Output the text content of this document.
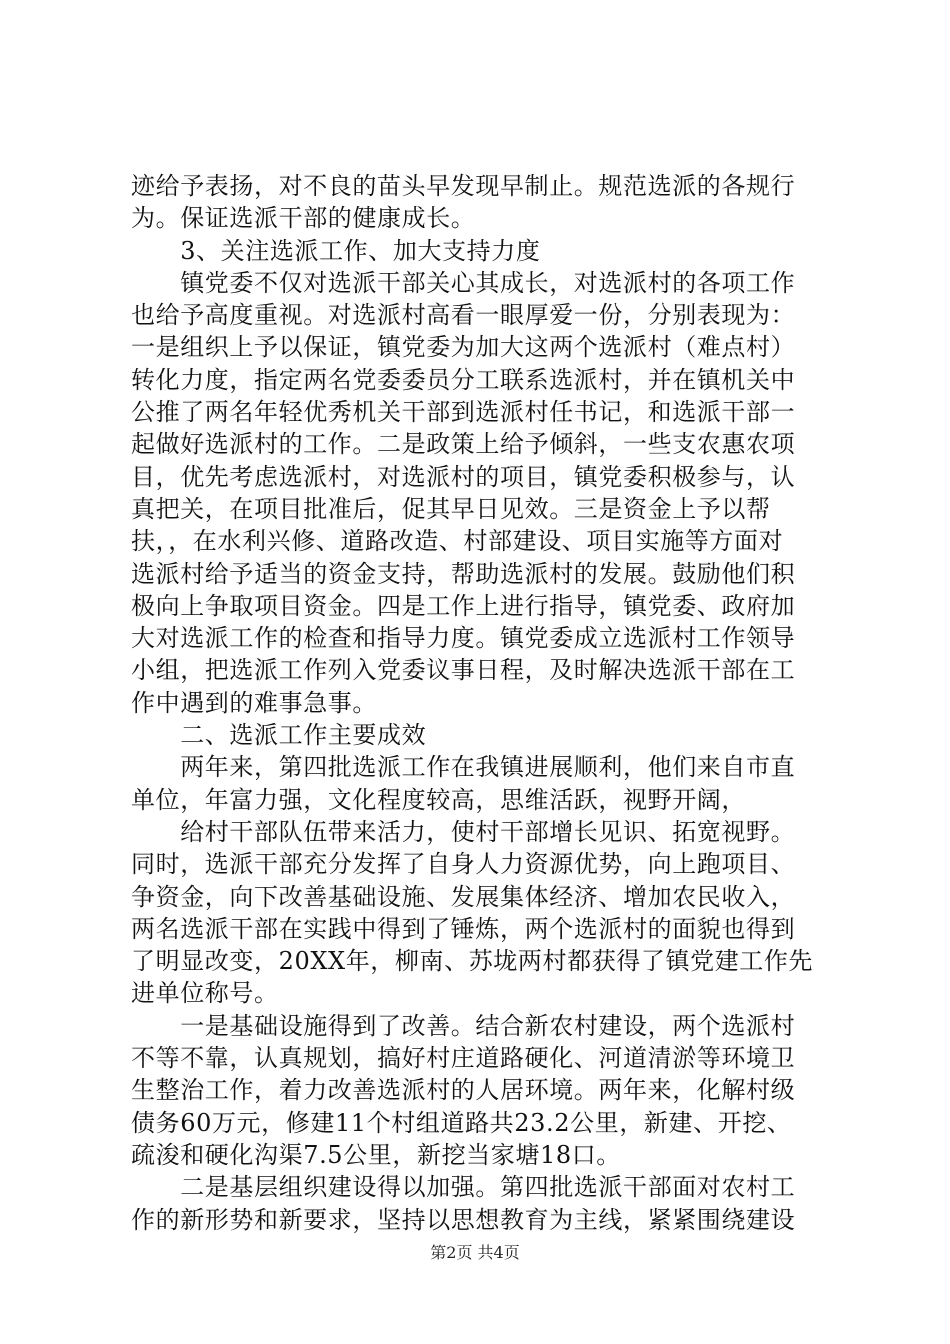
迹给予表扬，对不良的苗头早发现早制止。规范选派的各规行
为。保证选派干部的健康成长。
　　3、关注选派工作、加大支持力度
　　镇党委不仅对选派干部关心其成长，对选派村的各项工作
也给予高度重视。对选派村高看一眼厚爱一份，分别表现为：
一是组织上予以保证，镇党委为加大这两个选派村（难点村）
转化力度，指定两名党委委员分工联系选派村，并在镇机关中
公推了两名年轻优秀机关干部到选派村任书记，和选派干部一
起做好选派村的工作。二是政策上给予倾斜，一些支农惠农项
目，优先考虑选派村，对选派村的项目，镇党委积极参与，认
真把关，在项目批准后，促其早日见效。三是资金上予以帮
扶，，在水利兴修、道路改造、村部建设、项目实施等方面对
选派村给予适当的资金支持，帮助选派村的发展。鼓励他们积
极向上争取项目资金。四是工作上进行指导，镇党委、政府加
大对选派工作的检查和指导力度。镇党委成立选派村工作领导
小组，把选派工作列入党委议事日程，及时解决选派干部在工
作中遇到的难事急事。
　　二、选派工作主要成效
　　两年来，第四批选派工作在我镇进展顺利，他们来自市直
单位，年富力强，文化程度较高，思维活跃，视野开阔，
　　给村干部队伍带来活力，使村干部增长见识、拓宽视野。
同时，选派干部充分发挥了自身人力资源优势，向上跑项目、
争资金，向下改善基础设施、发展集体经济、增加农民收入，
两名选派干部在实践中得到了锤炼，两个选派村的面貌也得到
了明显改变，20XX年，柳南、苏垅两村都获得了镇党建工作先
进单位称号。
　　一是基础设施得到了改善。结合新农村建设，两个选派村
不等不靠，认真规划，搞好村庄道路硬化、河道清淤等环境卫
生整治工作，着力改善选派村的人居环境。两年来，化解村级
债务60万元，修建11个村组道路共23.2公里，新建、开挖、
疏浚和硬化沟渠7.5公里，新挖当家塘18口。
　　二是基层组织建设得以加强。第四批选派干部面对农村工
作的新形势和新要求，坚持以思想教育为主线，紧紧围绕建设
第2页 共4页
